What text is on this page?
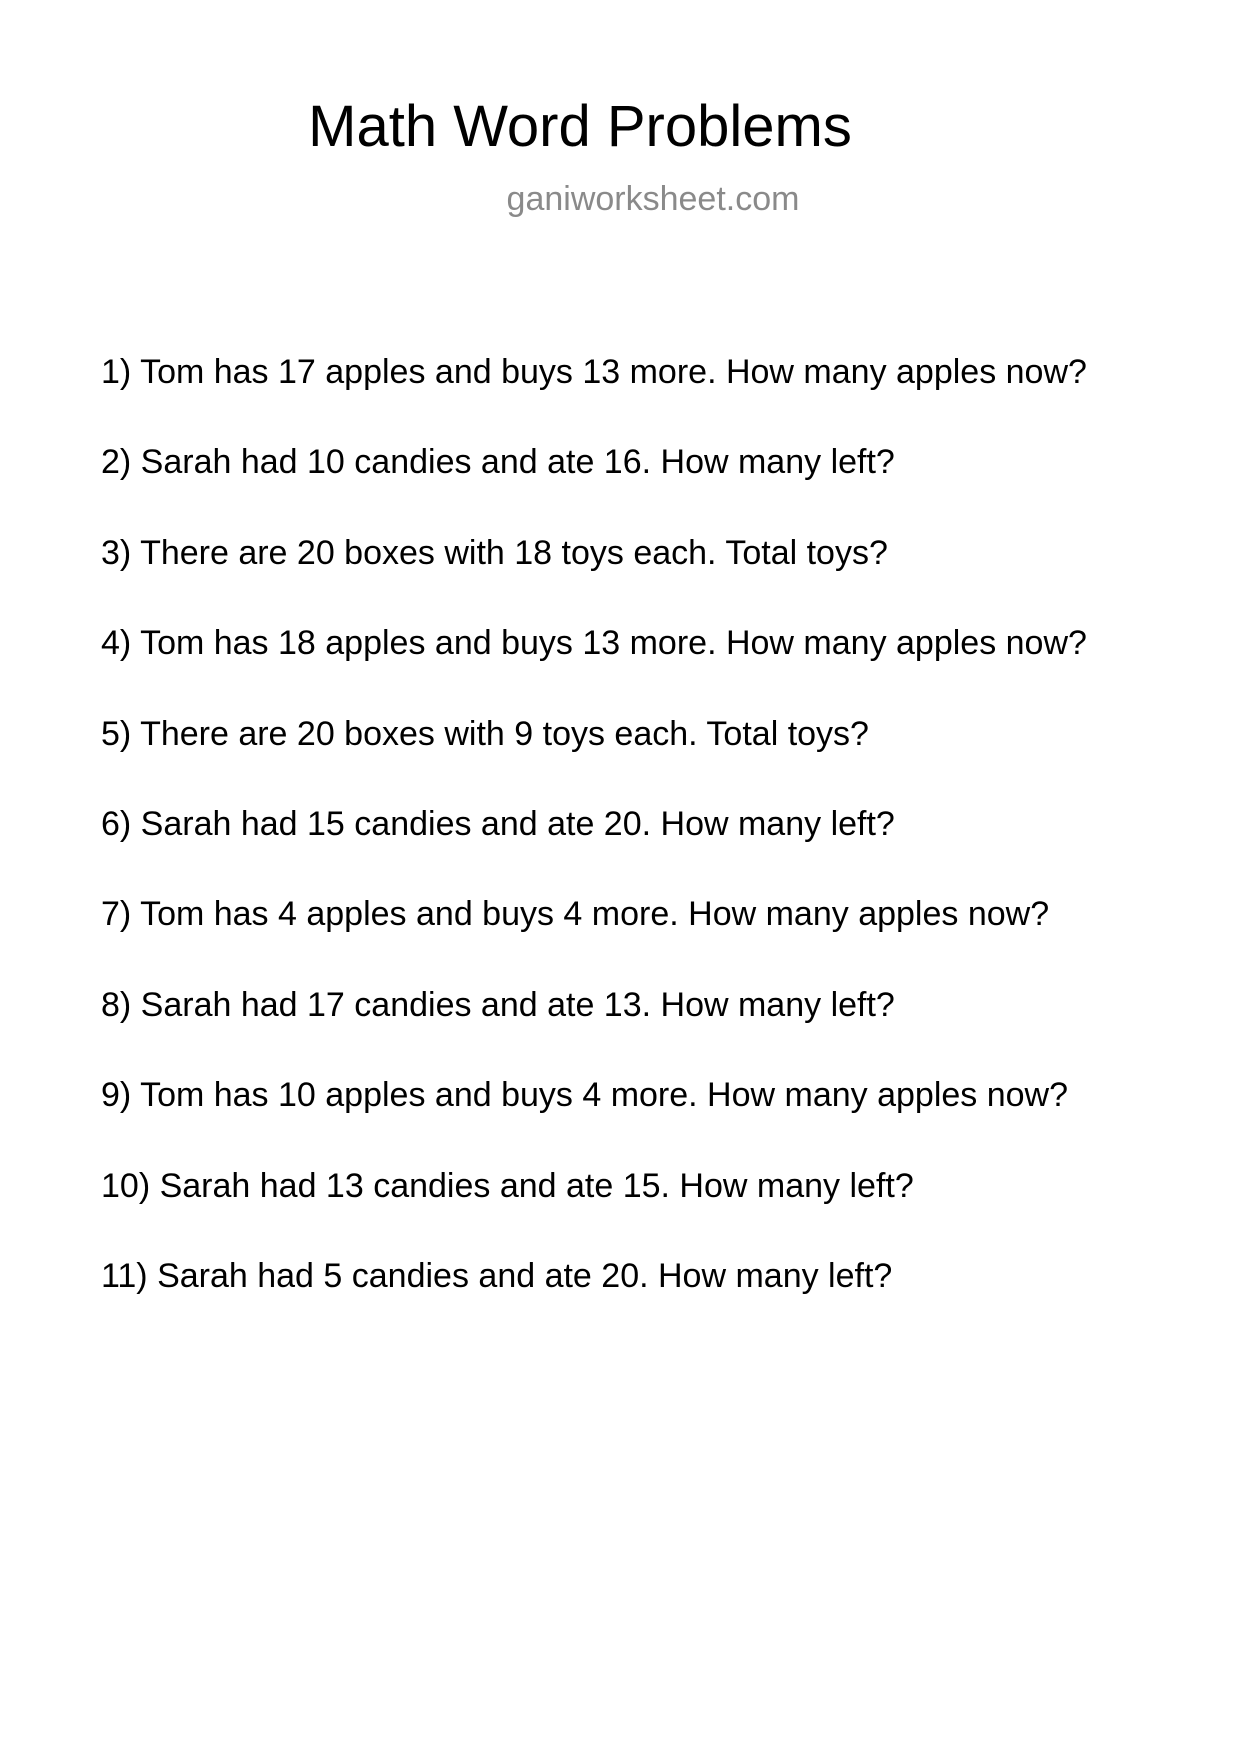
Math Word Problems
ganiworksheet.com
1) Tom has 17 apples and buys 13 more. How many apples now?
2) Sarah had 10 candies and ate 16. How many left?
3) There are 20 boxes with 18 toys each. Total toys?
4) Tom has 18 apples and buys 13 more. How many apples now?
5) There are 20 boxes with 9 toys each. Total toys?
6) Sarah had 15 candies and ate 20. How many left?
7) Tom has 4 apples and buys 4 more. How many apples now?
8) Sarah had 17 candies and ate 13. How many left?
9) Tom has 10 apples and buys 4 more. How many apples now?
10) Sarah had 13 candies and ate 15. How many left?
11) Sarah had 5 candies and ate 20. How many left?
